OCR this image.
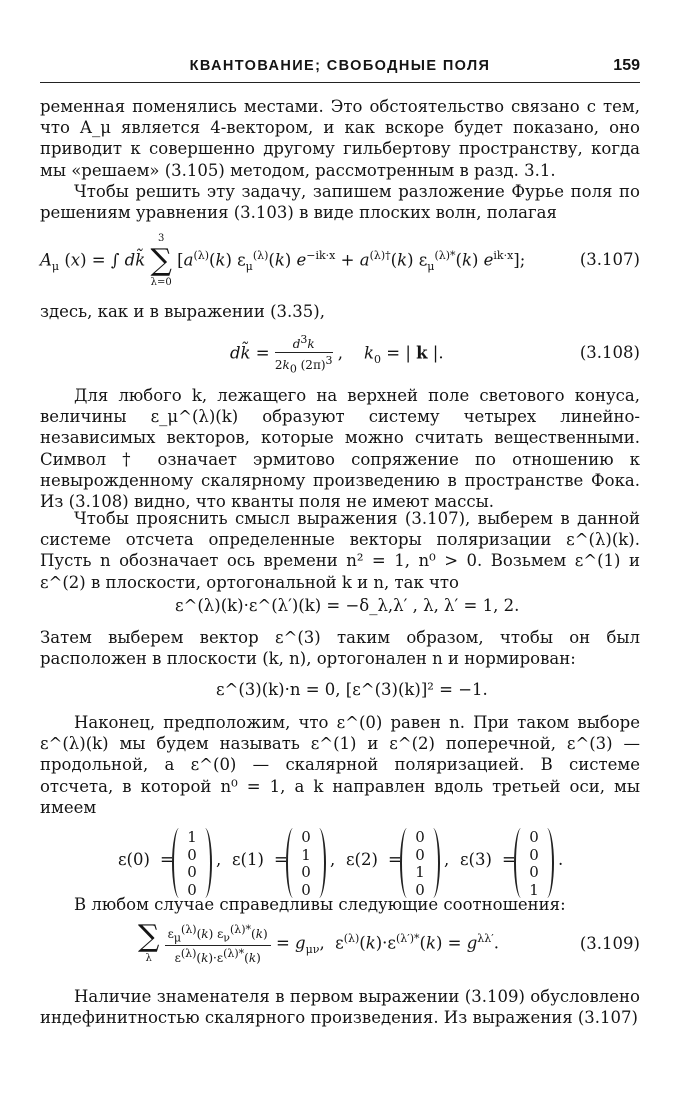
КВАНТОВАНИЕ; СВОБОДНЫЕ ПОЛЯ	159
ременная поменялись местами. Это обстоятельство связано с тем, что A_μ является 4-вектором, и как вскоре будет показано, оно приводит к совершенно другому гильбертову пространству, когда мы «решаем» (3.105) методом, рассмотренным в разд. 3.1.
Чтобы решить эту задачу, запишем разложение Фурье поля по решениям уравнения (3.103) в виде плоских волн, полагая
$A_\mu$ (x) = ∫ dk̃
3
∑
λ=0
[$a^{(\lambda)}(k)$ $\varepsilon_\mu^{(\lambda)}(k) e^{-ik\cdot x} + a^{(\lambda)\dagger}(k)$ $\varepsilon_\mu^{(\lambda)*}(k)$ $e^{ik\cdot x}$];	(3.107)
здесь, как и в выражении (3.35),
dk̃ = $\frac{d3k}{2k0 (2\pi)3}$ ,    $k_0$ = | k |.	(3.108)
Для любого k, лежащего на верхней поле светового конуса, величины ε_μ^(λ)(k) образуют систему четырех линейно-независимых векторов, которые можно считать вещественными. Символ † означает эрмитово сопряжение по отношению к невырожденному скалярному произведению в пространстве Фока. Из (3.108) видно, что кванты поля не имеют массы.
Чтобы прояснить смысл выражения (3.107), выберем в данной системе отсчета определенные векторы поляризации ε^(λ)(k). Пусть n обозначает ось времени n² = 1, n⁰ > 0. Возьмем ε^(1) и ε^(2) в плоскости, ортогональной k и n, так что
ε^(λ)(k)·ε^(λ′)(k) = −δ_λ,λ′ , λ, λ′ = 1, 2.
Затем выберем вектор ε^(3) таким образом, чтобы он был расположен в плоскости (k, n), ортогонален n и нормирован:
ε^(3)(k)·n = 0, [ε^(3)(k)]² = −1.
Наконец, предположим, что ε^(0) равен n. При таком выборе ε^(λ)(k) мы будем называть ε^(1) и ε^(2) поперечной, ε^(3) — продольной, а ε^(0) — скалярной поляризацией. В системе отсчета, в которой n⁰ = 1, а k направлен вдоль третьей оси, мы имеем
ε(0) =
1
0
0
0
, ε(1) =
0
1
0
0
, ε(2) =
0
0
1
0
, ε(3) =
0
0
0
1
.
В любом случае справедливы следующие соотношения:
∑
λ
	$\frac{\varepsilon\mu(\lambda)(k) \varepsilon\nu(\lambda)*(k)}{\varepsilon(\lambda)(k)\cdot\varepsilon(\lambda)*(k)} = g_{\mu\nu}$,  $\varepsilon^{(\lambda)}(k)\cdot\varepsilon^{(\lambda')*}(k) = g^{\lambda\lambda'}$.	(3.109)
Наличие знаменателя в первом выражении (3.109) обусловлено индефинитностью скалярного произведения. Из выражения (3.107)
